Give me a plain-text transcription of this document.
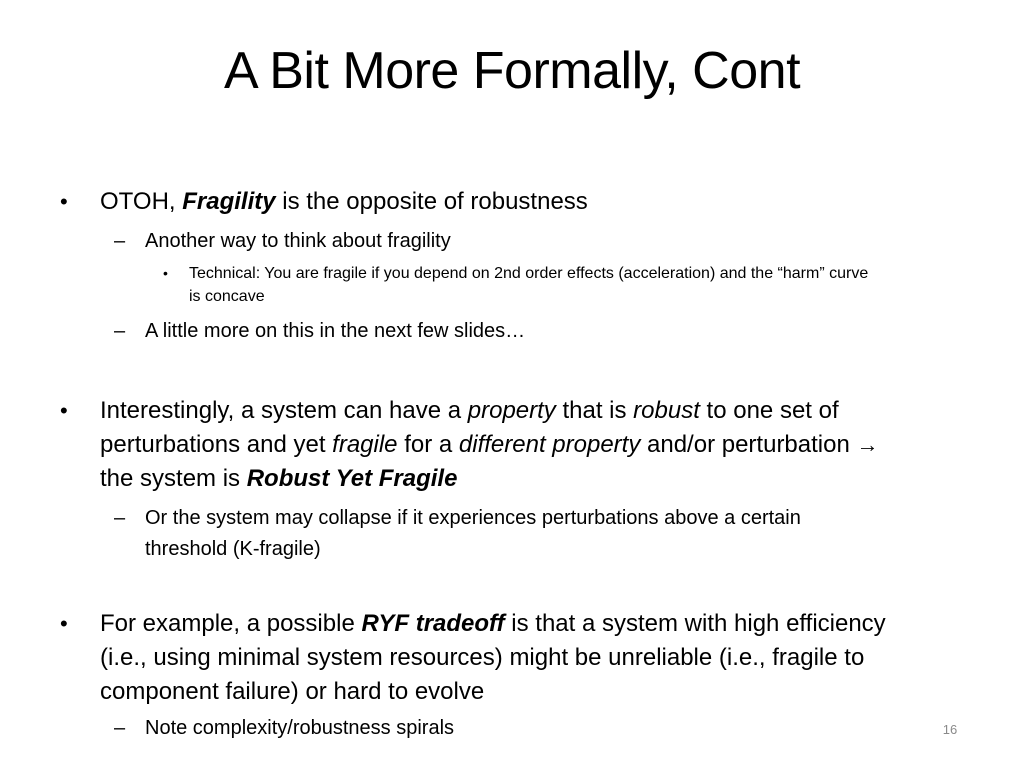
A Bit More Formally, Cont
• OTOH, Fragility is the opposite of robustness
– Another way to think about fragility
• Technical: You are fragile if you depend on 2nd order effects (acceleration) and the “harm” curve
is concave
– A little more on this in the next few slides…
• Interestingly, a system can have a property that is robust to one set of
perturbations and yet fragile for a different property and/or perturbation →
the system is Robust Yet Fragile
– Or the system may collapse if it experiences perturbations above a certain
threshold (K-fragile)
• For example, a possible RYF tradeoff is that a system with high efficiency
(i.e., using minimal system resources) might be unreliable (i.e., fragile to
component failure) or hard to evolve
– Note complexity/robustness spirals	16
